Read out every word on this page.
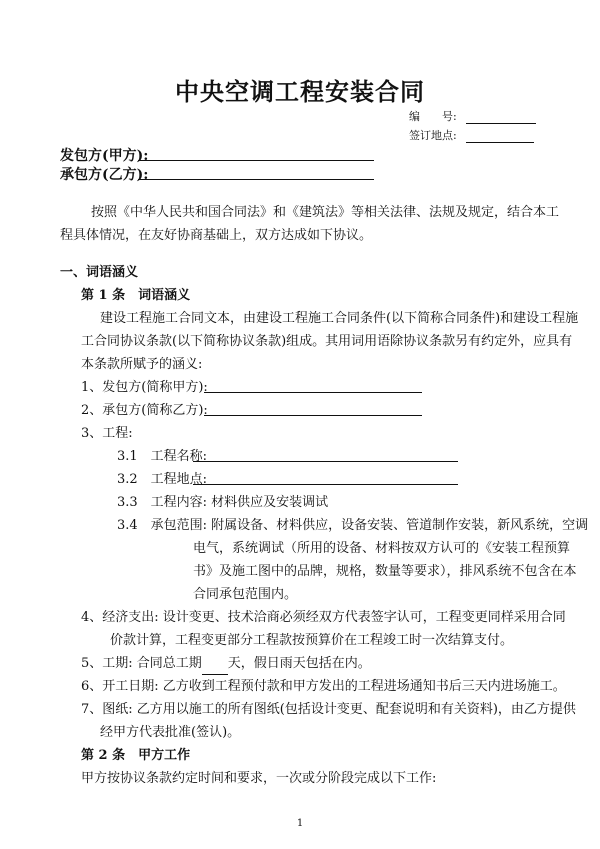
中央空调工程安装合同
编　　号:
签订地点:
发包方(甲方):
承包方(乙方):
按照《中华人民共和国合同法》和《建筑法》等相关法律、法规及规定，结合本工
程具体情况，在友好协商基础上，双方达成如下协议。
一、词语涵义
第 1 条　词语涵义
建设工程施工合同文本，由建设工程施工合同条件(以下简称合同条件)和建设工程施
工合同协议条款(以下简称协议条款)组成。其用词用语除协议条款另有约定外，应具有
本条款所赋予的涵义:
1、发包方(简称甲方):
2、承包方(简称乙方):
3、工程:
3.1　工程名称:
3.2　工程地点:
3.3　工程内容: 材料供应及安装调试
3.4　承包范围: 附属设备、材料供应，设备安装、管道制作安装，新风系统，空调
电气，系统调试（所用的设备、材料按双方认可的《安装工程预算
书》及施工图中的品牌，规格，数量等要求），排风系统不包含在本
合同承包范围内。
4、经济支出: 设计变更、技术洽商必须经双方代表签字认可，工程变更同样采用合同
价款计算，工程变更部分工程款按预算价在工程竣工时一次结算支付。
5、工期: 合同总工期 天，假日雨天包括在内。
6、开工日期: 乙方收到工程预付款和甲方发出的工程进场通知书后三天内进场施工。
7、图纸: 乙方用以施工的所有图纸(包括设计变更、配套说明和有关资料)，由乙方提供
经甲方代表批准(签认)。
第 2 条　甲方工作
甲方按协议条款约定时间和要求，一次或分阶段完成以下工作:
1
